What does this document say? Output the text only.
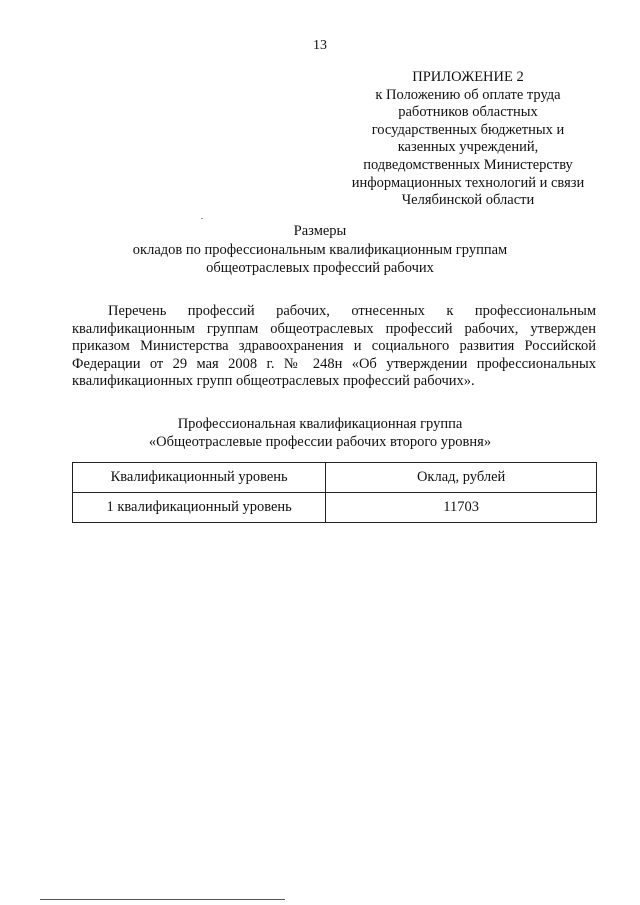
13
ПРИЛОЖЕНИЕ 2
к Положению об оплате труда
работников областных
государственных бюджетных и
казенных учреждений,
подведомственных Министерству
информационных технологий и связи
Челябинской области
Размеры
окладов по профессиональным квалификационным группам
общеотраслевых профессий рабочих
Перечень профессий рабочих, отнесенных к профессиональным квалификационным группам общеотраслевых профессий рабочих, утвержден приказом Министерства здравоохранения и социального развития Российской Федерации от 29 мая 2008 г. № 248н «Об утверждении профессиональных квалификационных групп общеотраслевых профессий рабочих».
Профессиональная квалификационная группа
«Общеотраслевые профессии рабочих второго уровня»
Квалификационный уровень	Оклад, рублей
1 квалификационный уровень	11703
